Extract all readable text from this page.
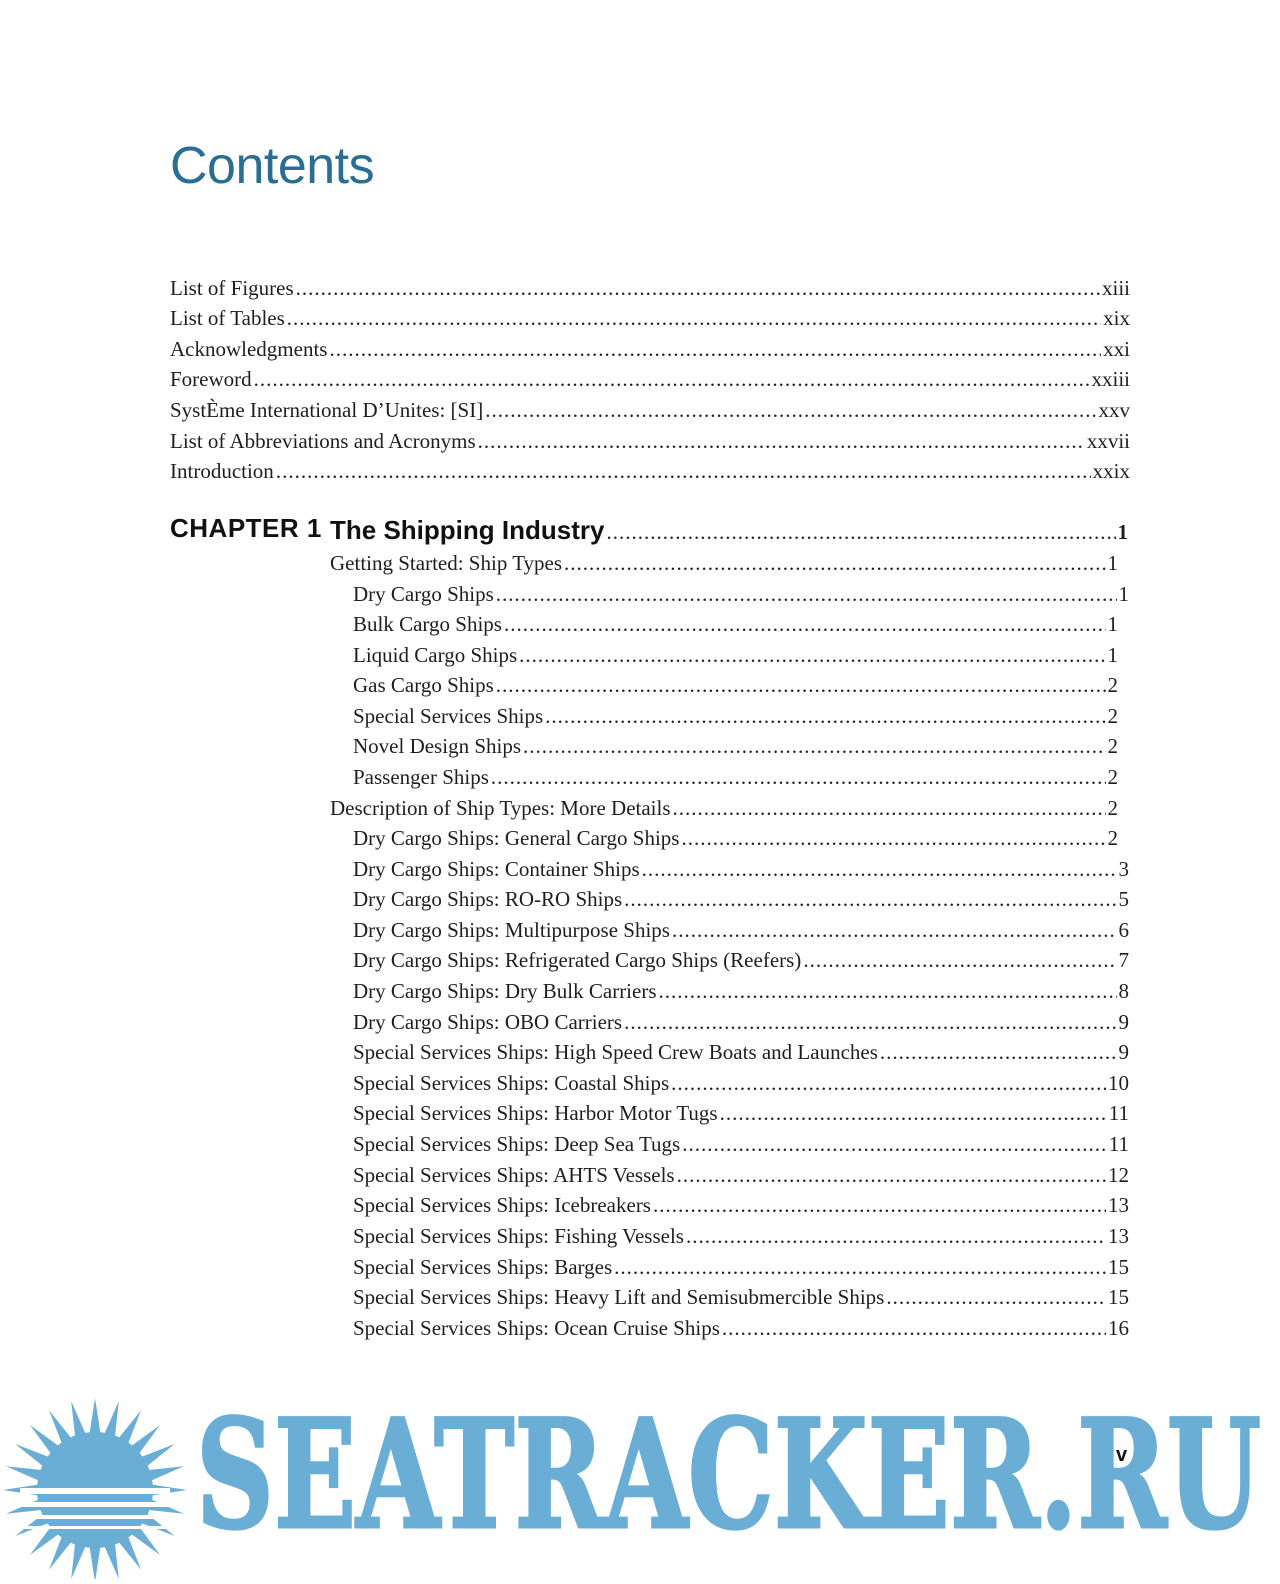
Contents
List of Figures .....	xiii
List of Tables .....	xix
Acknowledgments .....	xxi
Foreword .....	xxiii
SystÈme International D’Unites: [SI] .....	xxv
List of Abbreviations and Acronyms .....	xxvii
Introduction .....	xxix
CHAPTER 1 The Shipping Industry .....	1
Getting Started: Ship Types .....	1
Dry Cargo Ships .....	1
Bulk Cargo Ships .....	1
Liquid Cargo Ships .....	1
Gas Cargo Ships .....	2
Special Services Ships .....	2
Novel Design Ships .....	2
Passenger Ships .....	2
Description of Ship Types: More Details .....	2
Dry Cargo Ships: General Cargo Ships .....	2
Dry Cargo Ships: Container Ships .....	3
Dry Cargo Ships: RO-RO Ships .....	5
Dry Cargo Ships: Multipurpose Ships .....	6
Dry Cargo Ships: Refrigerated Cargo Ships (Reefers) .....	7
Dry Cargo Ships: Dry Bulk Carriers .....	8
Dry Cargo Ships: OBO Carriers .....	9
Special Services Ships: High Speed Crew Boats and Launches .....	9
Special Services Ships: Coastal Ships .....	10
Special Services Ships: Harbor Motor Tugs .....	11
Special Services Ships: Deep Sea Tugs .....	11
Special Services Ships: AHTS Vessels .....	12
Special Services Ships: Icebreakers .....	13
Special Services Ships: Fishing Vessels .....	13
Special Services Ships: Barges .....	15
Special Services Ships: Heavy Lift and Semisubmercible Ships .....	15
Special Services Ships: Ocean Cruise Ships .....	16
SEATRACKER.RU
v
